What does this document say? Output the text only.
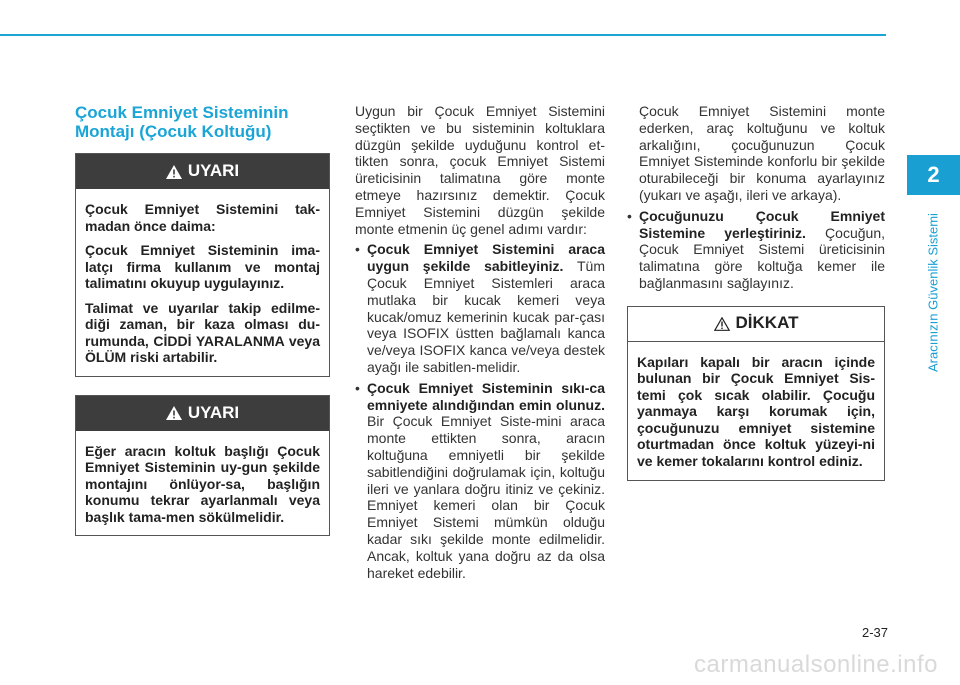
2
Aracınızın Güvenlik Sistemi
Çocuk Emniyet Sisteminin Montajı (Çocuk Koltuğu)
UYARI

Çocuk Emniyet Sistemini tak-madan önce daima:

Çocuk Emniyet Sisteminin ima-latçı firma kullanım ve montaj talimatını okuyup uygulayınız.

Talimat ve uyarılar takip edilme-diği zaman, bir kaza olması du-rumunda, CİDDİ YARALANMA veya ÖLÜM riski artabilir.

UYARI

Eğer aracın koltuk başlığı Çocuk Emniyet Sisteminin uy-gun şekilde montajını önlüyor-sa, başlığın konumu tekrar ayarlanmalı veya başlık tama-men sökülmelidir.

Uygun bir Çocuk Emniyet Sistemini seçtikten ve bu sisteminin koltuklara düzgün şekilde uyduğunu kontrol et-tikten sonra, çocuk Emniyet Sistemi üreticisinin talimatına göre monte etmeye hazırsınız demektir. Çocuk Emniyet Sistemini düzgün şekilde monte etmenin üç genel adımı vardır:

• Çocuk Emniyet Sistemini araca uygun şekilde sabitleyiniz. Tüm Çocuk Emniyet Sistemleri araca mutlaka bir kucak kemeri veya kucak/omuz kemerinin kucak par-çası veya ISOFIX üstten bağlamalı kanca ve/veya ISOFIX kanca ve/veya destek ayağı ile sabitlen-melidir.
• Çocuk Emniyet Sisteminin sıkı-ca emniyete alındığından emin olunuz. Bir Çocuk Emniyet Siste-mini araca monte ettikten sonra, aracın koltuğuna emniyetli bir şekilde sabitlendiğini doğrulamak için, koltuğu ileri ve yanlara doğru itiniz ve çekiniz. Emniyet kemeri olan bir Çocuk Emniyet Sistemi mümkün olduğu kadar sıkı şekilde monte edilmelidir. Ancak, koltuk yana doğru az da olsa hareket edebilir.

Çocuk Emniyet Sistemini monte ederken, araç koltuğunu ve koltuk arkalığını, çocuğunuzun Çocuk Emniyet Sisteminde konforlu bir şekilde oturabileceği bir konuma ayarlayınız (yukarı ve aşağı, ileri ve arkaya).

• Çocuğunuzu Çocuk Emniyet Sistemine yerleştiriniz. Çocuğun, Çocuk Emniyet Sistemi üreticisinin talimatına göre koltuğa kemer ile bağlanmasını sağlayınız.
DİKKAT
Kapıları kapalı bir aracın içinde bulunan bir Çocuk Emniyet Sis-temi çok sıcak olabilir. Çocuğu yanmaya karşı korumak için, çocuğunuzu emniyet sistemine oturtmadan önce koltuk yüzeyi-ni ve kemer tokalarını kontrol ediniz.
2-37
carmanualsonline.info
